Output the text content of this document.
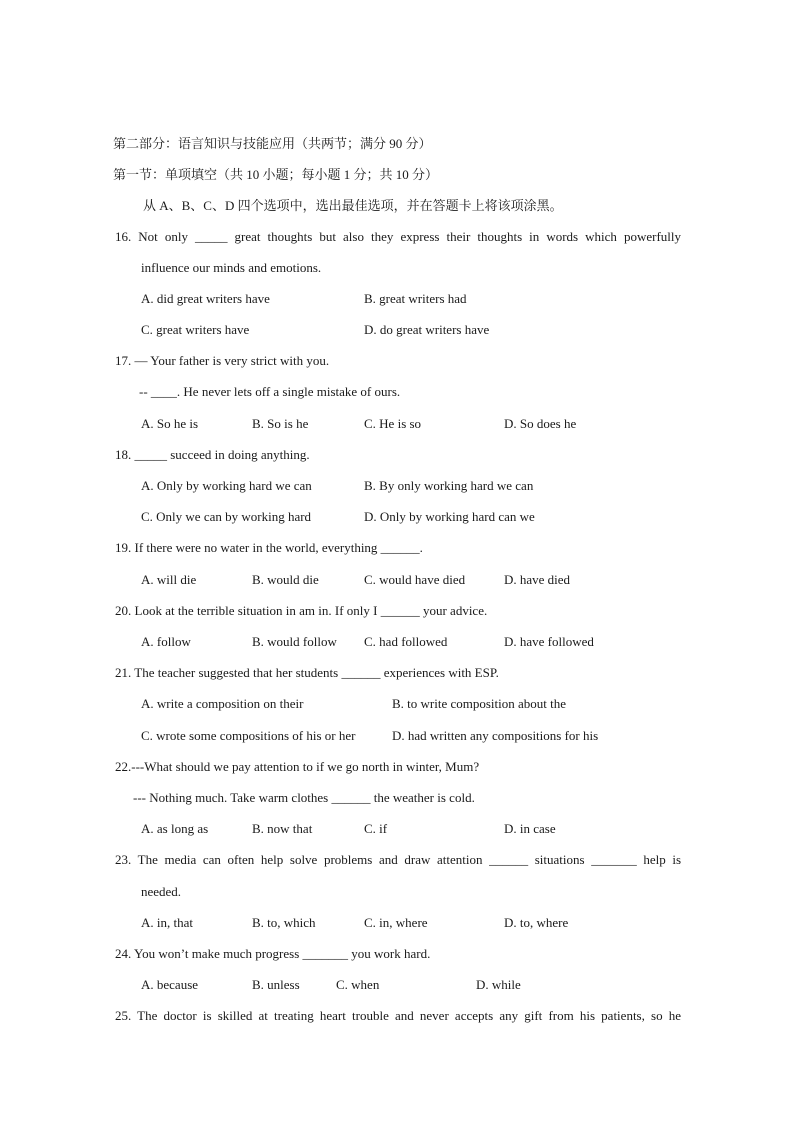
第二部分：语言知识与技能应用（共两节；满分 90 分）
第一节：单项填空（共 10 小题；每小题 1 分；共 10 分）
从 A、B、C、D 四个选项中，选出最佳选项，并在答题卡上将该项涂黑。
16. Not only _____ great thoughts but also they express their thoughts in words which powerfully
influence our minds and emotions.
A. did great writers have	B. great writers had
C. great writers have	D. do great writers have
17. — Your father is very strict with you.
-- ____. He never lets off a single mistake of ours.
A. So he is	B. So is he	C. He is so	D. So does he
18. _____ succeed in doing anything.
A. Only by working hard we can	B. By only working hard we can
C. Only we can by working hard	D. Only by working hard can we
19. If there were no water in the world, everything ______.
A. will die	B. would die	C. would have died	D. have died
20. Look at the terrible situation in am in. If only I ______ your advice.
A. follow	B. would follow C. had followed	D. have followed
21. The teacher suggested that her students ______ experiences with ESP.
A. write a composition on their	B. to write composition about the
C. wrote some compositions of his or her	D. had written any compositions for his
22.---What should we pay attention to if we go north in winter, Mum?
--- Nothing much. Take warm clothes ______ the weather is cold.
A. as long as	B. now that	C. if	D. in case
23. The media can often help solve problems and draw attention ______ situations _______ help is
needed.
A. in, that	B. to, which	C. in, where	D. to, where
24. You won’t make much progress _______ you work hard.
A. because	B. unless	C. when	D. while
25. The doctor is skilled at treating heart trouble and never accepts any gift from his patients, so he
